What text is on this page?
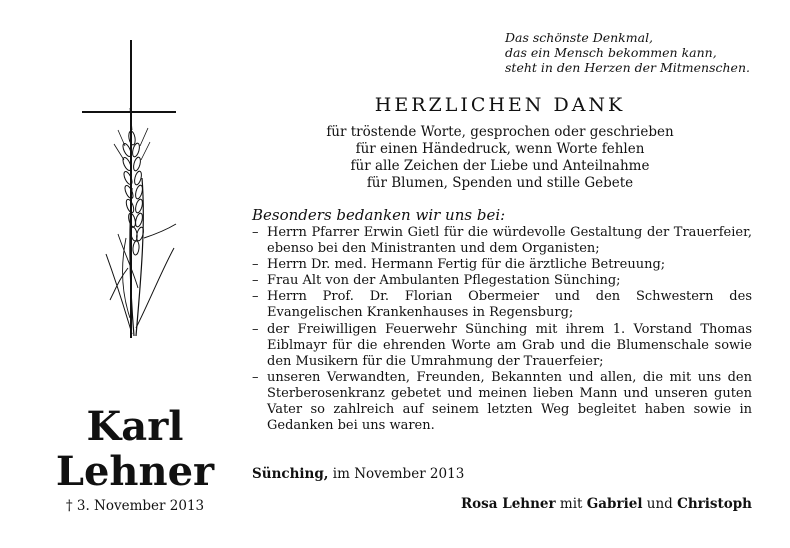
Das schönste Denkmal,
das ein Mensch bekommen kann,
steht in den Herzen der Mitmenschen.
HERZLICHEN DANK
für tröstende Worte, gesprochen oder geschrieben
für einen Händedruck, wenn Worte fehlen
für alle Zeichen der Liebe und Anteilnahme
für Blumen, Spenden und stille Gebete
Besonders bedanken wir uns bei:
– Herrn Pfarrer Erwin Gietl für die würdevolle Gestaltung der Trauerfeier, ebenso bei den Ministranten und dem Organisten;
– Herrn Dr. med. Hermann Fertig für die ärztliche Betreuung;
– Frau Alt von der Ambulanten Pflegestation Sünching;
– Herrn Prof. Dr. Florian Obermeier und den Schwestern des Evangelischen Krankenhauses in Regensburg;
– der Freiwilligen Feuerwehr Sünching mit ihrem 1. Vorstand Thomas Eiblmayr für die ehrenden Worte am Grab und die Blumenschale sowie den Musikern für die Umrahmung der Trauerfeier;
– unseren Verwandten, Freunden, Bekannten und allen, die mit uns den Sterberosenkranz gebetet und meinen lieben Mann und unseren guten Vater so zahlreich auf seinem letzten Weg begleitet haben sowie in Gedanken bei uns waren.
Sünching, im November 2013
Rosa Lehner mit Gabriel und Christoph
Karl
Lehner
† 3. November 2013
